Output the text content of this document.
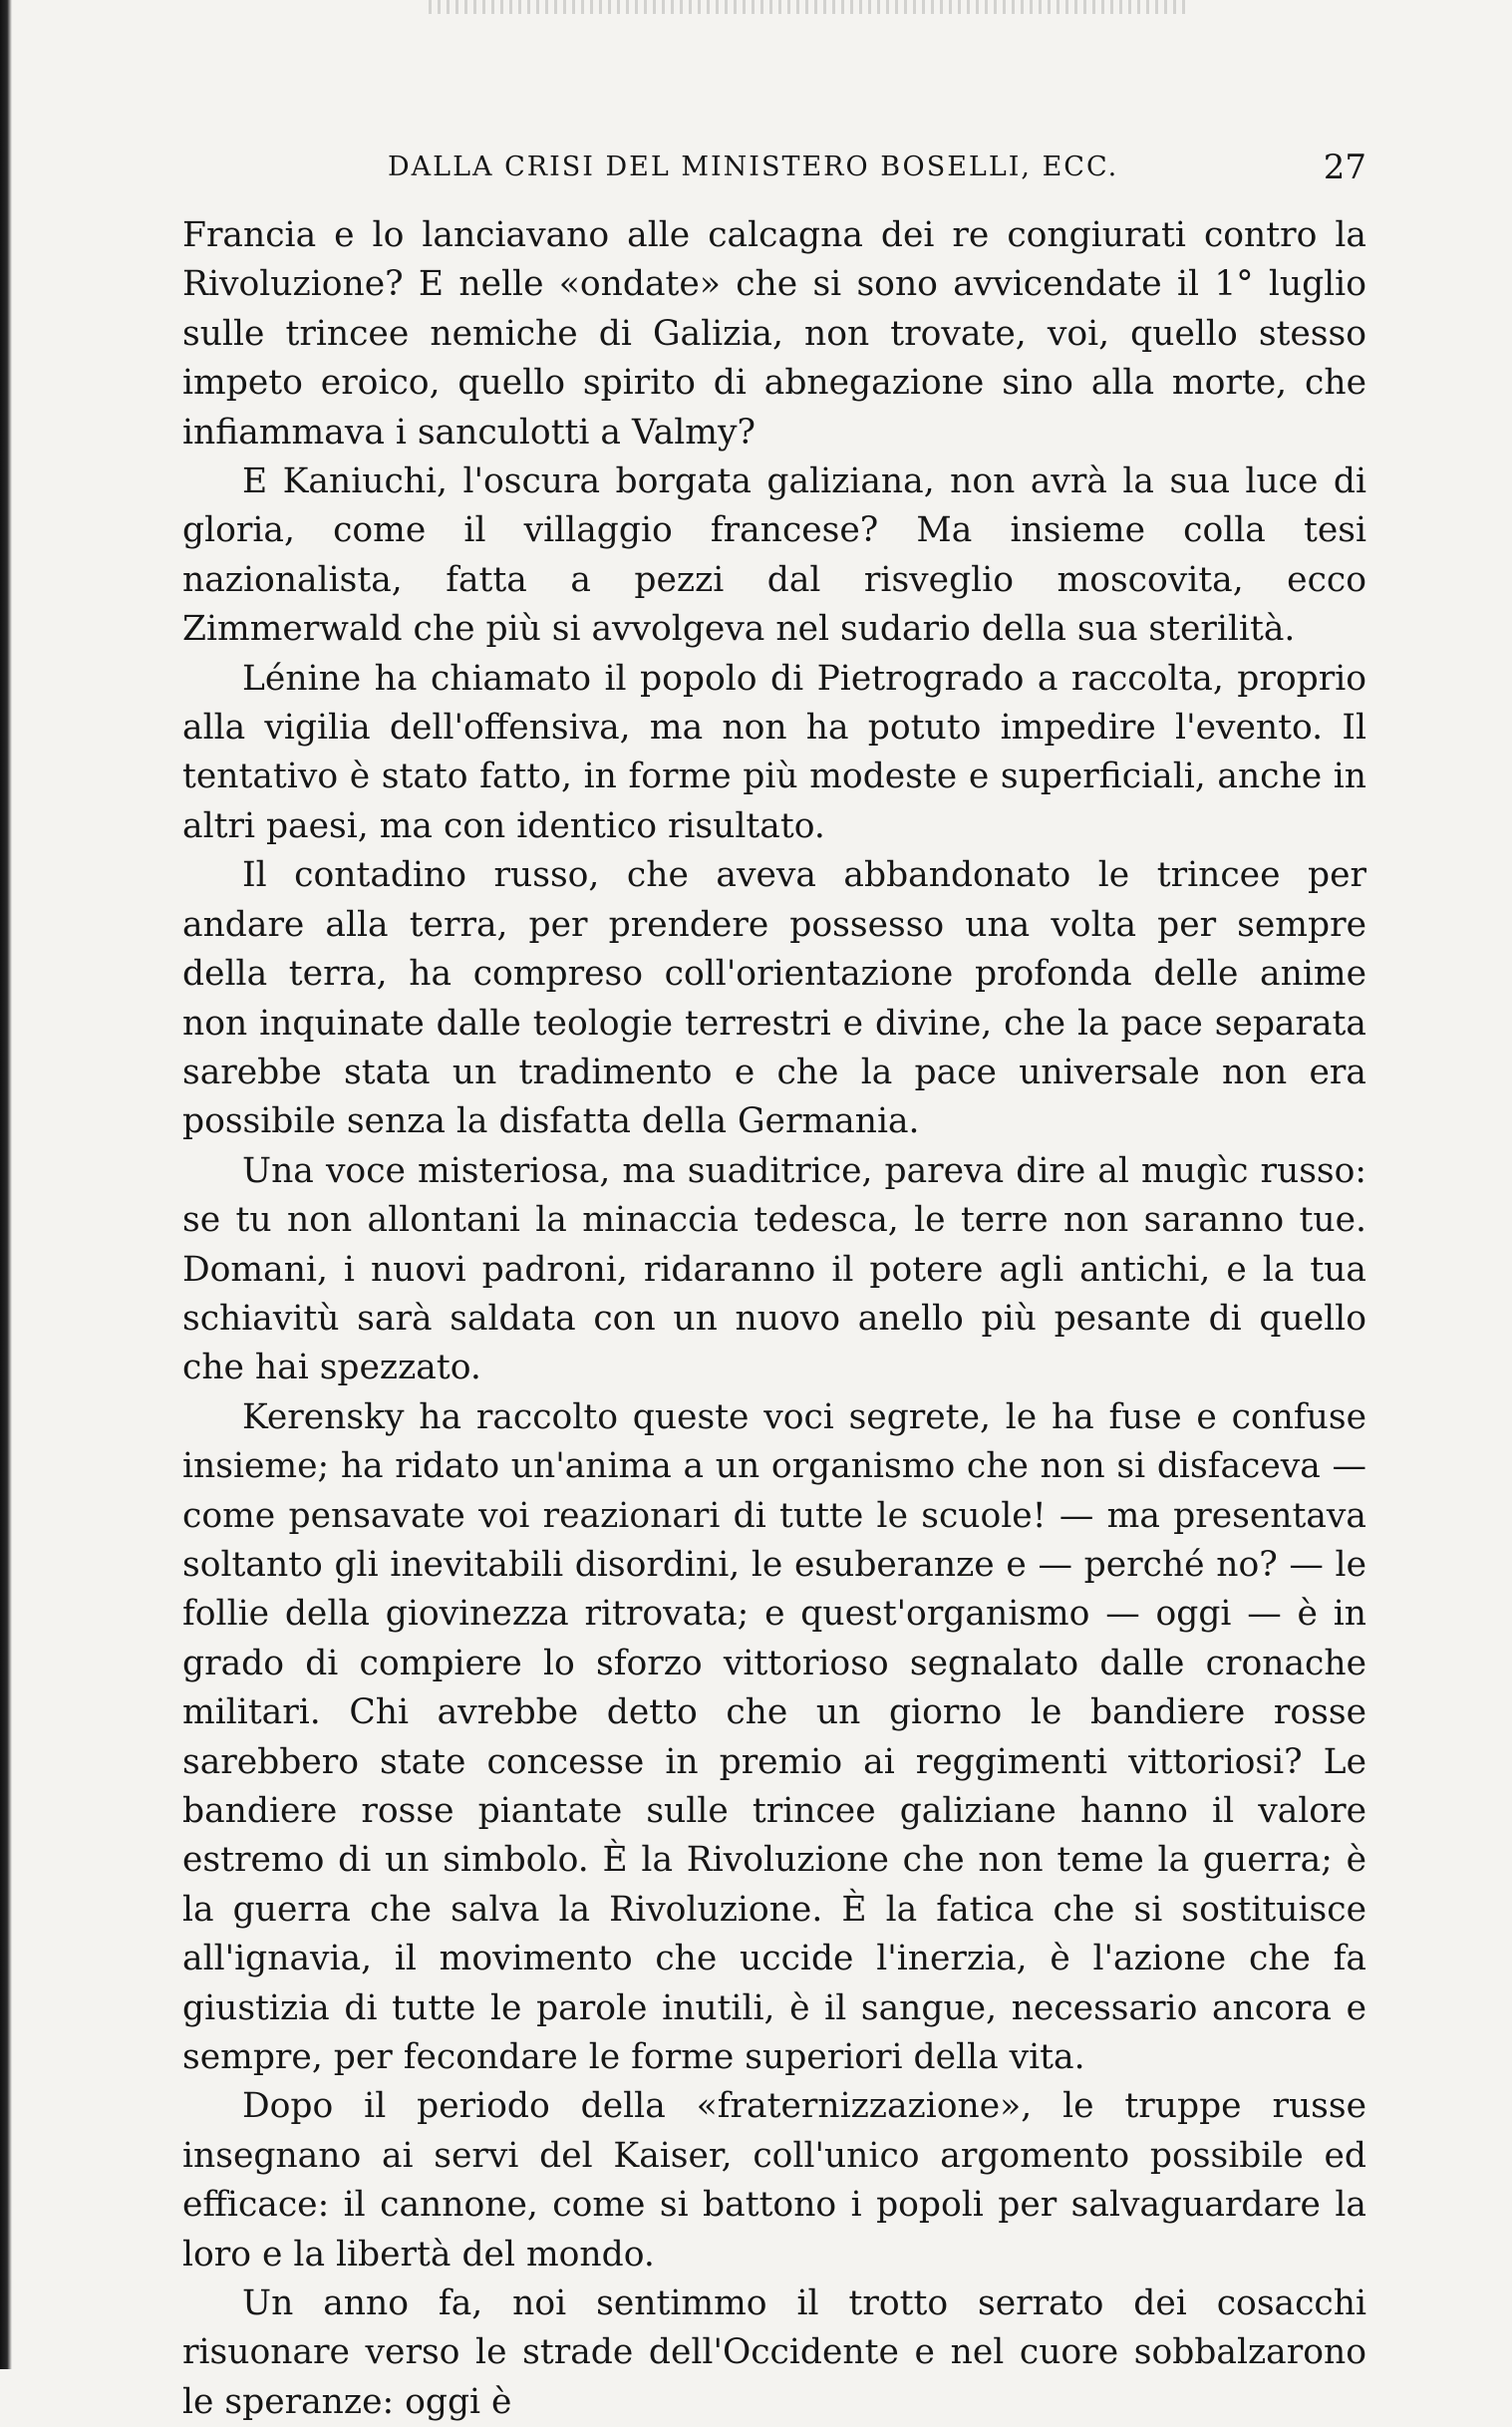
DALLA CRISI DEL MINISTERO BOSELLI, ECC.	27

Francia e lo lanciavano alle calcagna dei re congiurati contro la Rivoluzione? E nelle «ondate» che si sono avvicendate il 1° luglio sulle trincee nemiche di Galizia, non trovate, voi, quello stesso impeto eroico, quello spirito di abnegazione sino alla morte, che infiammava i sanculotti a Valmy?

E Kaniuchi, l'oscura borgata galiziana, non avrà la sua luce di gloria, come il villaggio francese? Ma insieme colla tesi nazionalista, fatta a pezzi dal risveglio moscovita, ecco Zimmerwald che più si avvolgeva nel sudario della sua sterilità.

Lénine ha chiamato il popolo di Pietrogrado a raccolta, proprio alla vigilia dell'offensiva, ma non ha potuto impedire l'evento. Il tentativo è stato fatto, in forme più modeste e superficiali, anche in altri paesi, ma con identico risultato.

Il contadino russo, che aveva abbandonato le trincee per andare alla terra, per prendere possesso una volta per sempre della terra, ha compreso coll'orientazione profonda delle anime non inquinate dalle teologie terrestri e divine, che la pace separata sarebbe stata un tradimento e che la pace universale non era possibile senza la disfatta della Germania.

Una voce misteriosa, ma suaditrice, pareva dire al mugìc russo: se tu non allontani la minaccia tedesca, le terre non saranno tue. Domani, i nuovi padroni, ridaranno il potere agli antichi, e la tua schiavitù sarà saldata con un nuovo anello più pesante di quello che hai spezzato.

Kerensky ha raccolto queste voci segrete, le ha fuse e confuse insieme; ha ridato un'anima a un organismo che non si disfaceva — come pensavate voi reazionari di tutte le scuole! — ma presentava soltanto gli inevitabili disordini, le esuberanze e — perché no? — le follie della giovinezza ritrovata; e quest'organismo — oggi — è in grado di compiere lo sforzo vittorioso segnalato dalle cronache militari. Chi avrebbe detto che un giorno le bandiere rosse sarebbero state concesse in premio ai reggimenti vittoriosi? Le bandiere rosse piantate sulle trincee galiziane hanno il valore estremo di un simbolo. È la Rivoluzione che non teme la guerra; è la guerra che salva la Rivoluzione. È la fatica che si sostituisce all'ignavia, il movimento che uccide l'inerzia, è l'azione che fa giustizia di tutte le parole inutili, è il sangue, necessario ancora e sempre, per fecondare le forme superiori della vita.

Dopo il periodo della «fraternizzazione», le truppe russe insegnano ai servi del Kaiser, coll'unico argomento possibile ed efficace: il cannone, come si battono i popoli per salvaguardare la loro e la libertà del mondo.

Un anno fa, noi sentimmo il trotto serrato dei cosacchi risuonare verso le strade dell'Occidente e nel cuore sobbalzarono le speranze: oggi è
